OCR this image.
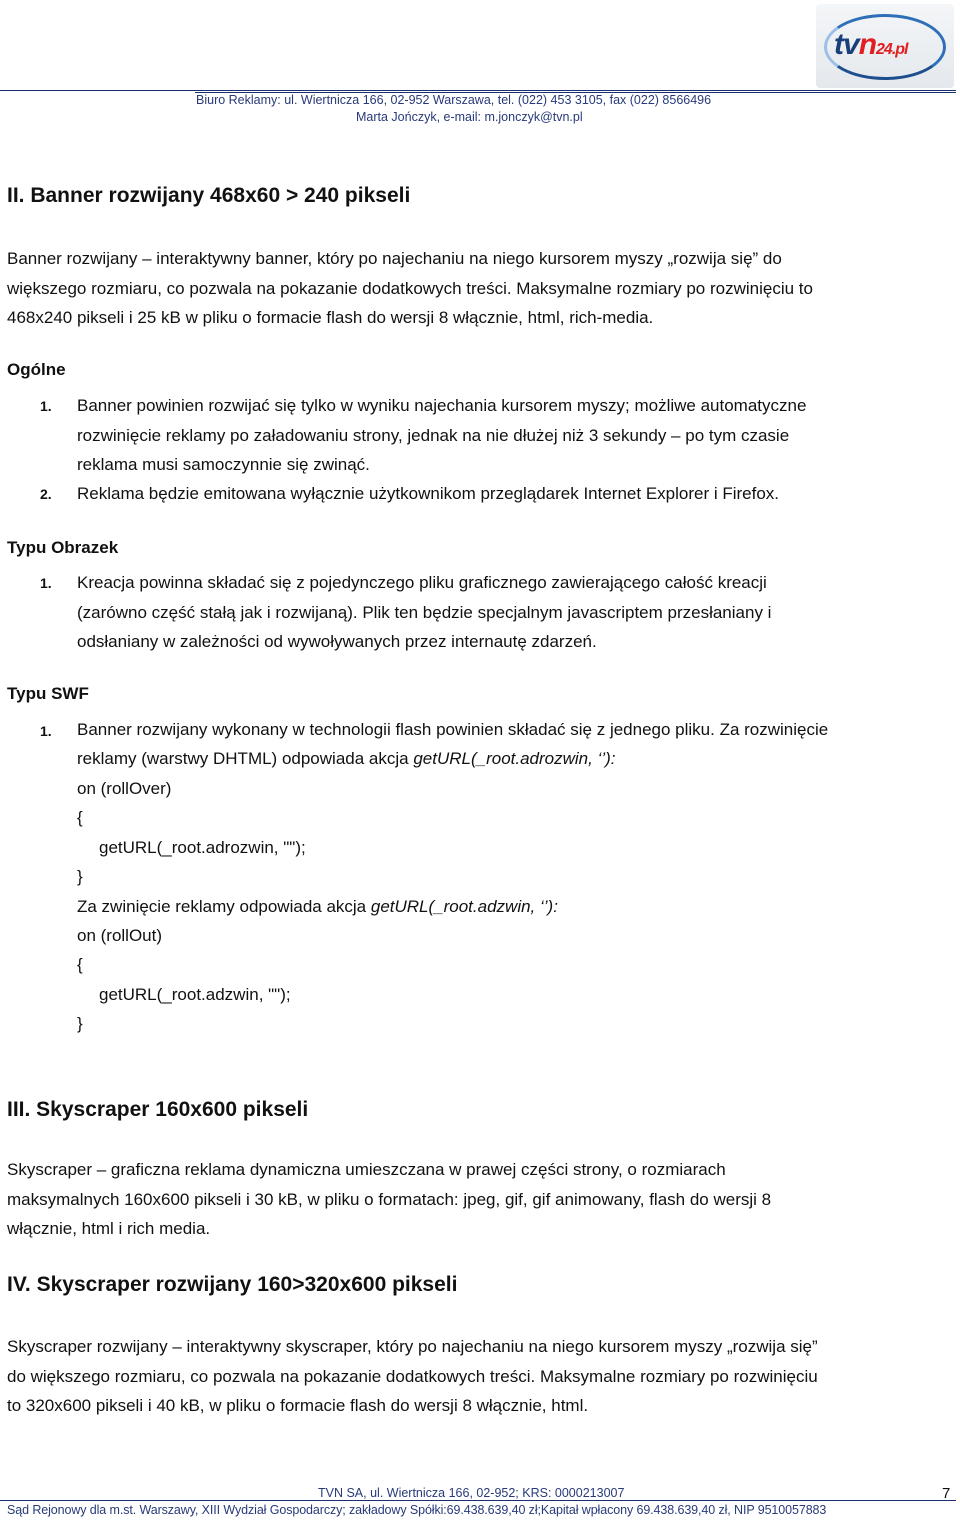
tvn24.pl
Biuro Reklamy: ul. Wiertnicza 166, 02-952 Warszawa, tel. (022) 453 3105, fax (022) 8566496
Marta Jończyk, e-mail: m.jonczyk@tvn.pl
II. Banner rozwijany 468x60 > 240 pikseli
Banner rozwijany – interaktywny banner, który po najechaniu na niego kursorem myszy „rozwija się” do
większego rozmiaru, co pozwala na pokazanie dodatkowych treści. Maksymalne rozmiary po rozwinięciu to
468x240 pikseli i 25 kB w pliku o formacie flash do wersji 8 włącznie, html, rich-media.
Ogólne
1. Banner powinien rozwijać się tylko w wyniku najechania kursorem myszy; możliwe automatyczne
rozwinięcie reklamy po załadowaniu strony, jednak na nie dłużej niż 3 sekundy – po tym czasie
reklama musi samoczynnie się zwinąć.
2. Reklama będzie emitowana wyłącznie użytkownikom przeglądarek Internet Explorer i Firefox.
Typu Obrazek
1. Kreacja powinna składać się z pojedynczego pliku graficznego zawierającego całość kreacji
(zarówno część stałą jak i rozwijaną). Plik ten będzie specjalnym javascriptem przesłaniany i
odsłaniany w zależności od wywoływanych przez internautę zdarzeń.
Typu SWF
1. Banner rozwijany wykonany w technologii flash powinien składać się z jednego pliku. Za rozwinięcie
reklamy (warstwy DHTML) odpowiada akcja getURL(_root.adrozwin, ‘’):
on (rollOver)
{
getURL(_root.adrozwin, "");
}
Za zwinięcie reklamy odpowiada akcja getURL(_root.adzwin, ‘’):
on (rollOut)
{
getURL(_root.adzwin, "");
}
III. Skyscraper 160x600 pikseli
Skyscraper – graficzna reklama dynamiczna umieszczana w prawej części strony, o rozmiarach
maksymalnych 160x600 pikseli i 30 kB, w pliku o formatach: jpeg, gif, gif animowany, flash do wersji 8
włącznie, html i rich media.
IV. Skyscraper rozwijany 160>320x600 pikseli
Skyscraper rozwijany – interaktywny skyscraper, który po najechaniu na niego kursorem myszy „rozwija się”
do większego rozmiaru, co pozwala na pokazanie dodatkowych treści. Maksymalne rozmiary po rozwinięciu
to 320x600 pikseli i 40 kB, w pliku o formacie flash do wersji 8 włącznie, html.
TVN SA, ul. Wiertnicza 166, 02-952; KRS: 0000213007
Sąd Rejonowy dla m.st. Warszawy, XIII Wydział Gospodarczy; zakładowy Spółki:69.438.639,40 zł;Kapitał wpłacony 69.438.639,40 zł, NIP 9510057883
7
